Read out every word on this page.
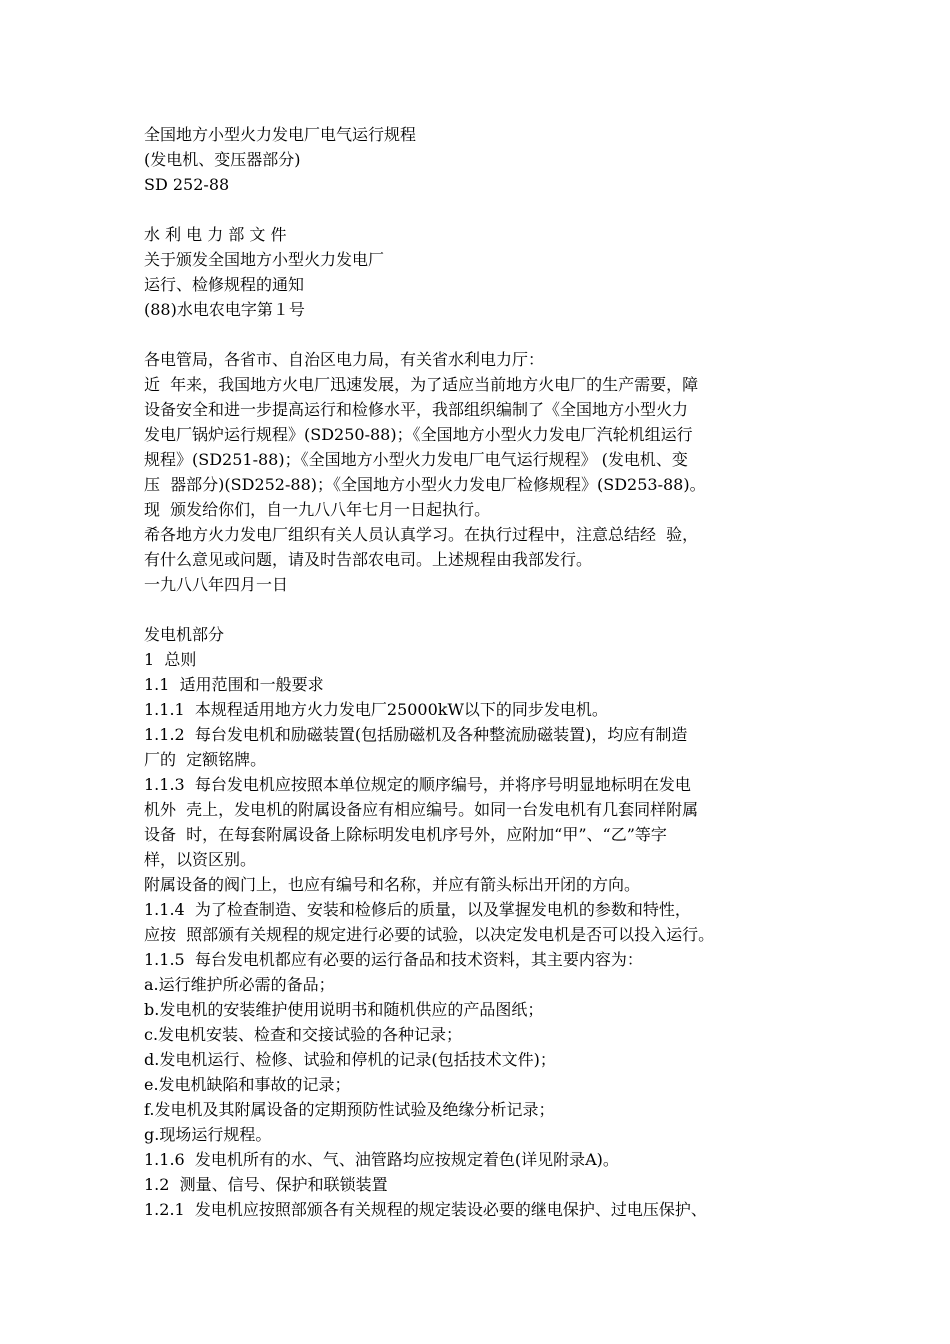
全国地方小型火力发电厂电气运行规程
(发电机、变压器部分)
SD 252-88
水 利 电 力 部 文 件
关于颁发全国地方小型火力发电厂
运行、检修规程的通知
(88)水电农电字第１号
各电管局，各省市、自治区电力局，有关省水利电力厅：
近  年来，我国地方火电厂迅速发展，为了适应当前地方火电厂的生产需要，障
设备安全和进一步提高运行和检修水平，我部组织编制了《全国地方小型火力
发电厂锅炉运行规程》(SD250-88)；《全国地方小型火力发电厂汽轮机组运行
规程》(SD251-88)；《全国地方小型火力发电厂电气运行规程》 (发电机、变
压  器部分)(SD252-88)；《全国地方小型火力发电厂检修规程》(SD253-88)。
现  颁发给你们，自一九八八年七月一日起执行。
希各地方火力发电厂组织有关人员认真学习。在执行过程中，注意总结经  验，
有什么意见或问题，请及时告部农电司。上述规程由我部发行。
一九八八年四月一日
发电机部分
1  总则
1.1  适用范围和一般要求
1.1.1  本规程适用地方火力发电厂25000kW以下的同步发电机。
1.1.2  每台发电机和励磁装置(包括励磁机及各种整流励磁装置)，均应有制造
厂的  定额铭牌。
1.1.3  每台发电机应按照本单位规定的顺序编号，并将序号明显地标明在发电
机外  壳上，发电机的附属设备应有相应编号。如同一台发电机有几套同样附属
设备  时，在每套附属设备上除标明发电机序号外，应附加“甲”、“乙”等字
样，以资区别。
附属设备的阀门上，也应有编号和名称，并应有箭头标出开闭的方向。
1.1.4  为了检查制造、安装和检修后的质量，以及掌握发电机的参数和特性，
应按  照部颁有关规程的规定进行必要的试验，以决定发电机是否可以投入运行。
1.1.5  每台发电机都应有必要的运行备品和技术资料，其主要内容为：
a.运行维护所必需的备品；
b.发电机的安装维护使用说明书和随机供应的产品图纸；
c.发电机安装、检查和交接试验的各种记录；
d.发电机运行、检修、试验和停机的记录(包括技术文件)；
e.发电机缺陷和事故的记录；
f.发电机及其附属设备的定期预防性试验及绝缘分析记录；
g.现场运行规程。
1.1.6  发电机所有的水、气、油管路均应按规定着色(详见附录A)。
1.2  测量、信号、保护和联锁装置
1.2.1  发电机应按照部颁各有关规程的规定装设必要的继电保护、过电压保护、
